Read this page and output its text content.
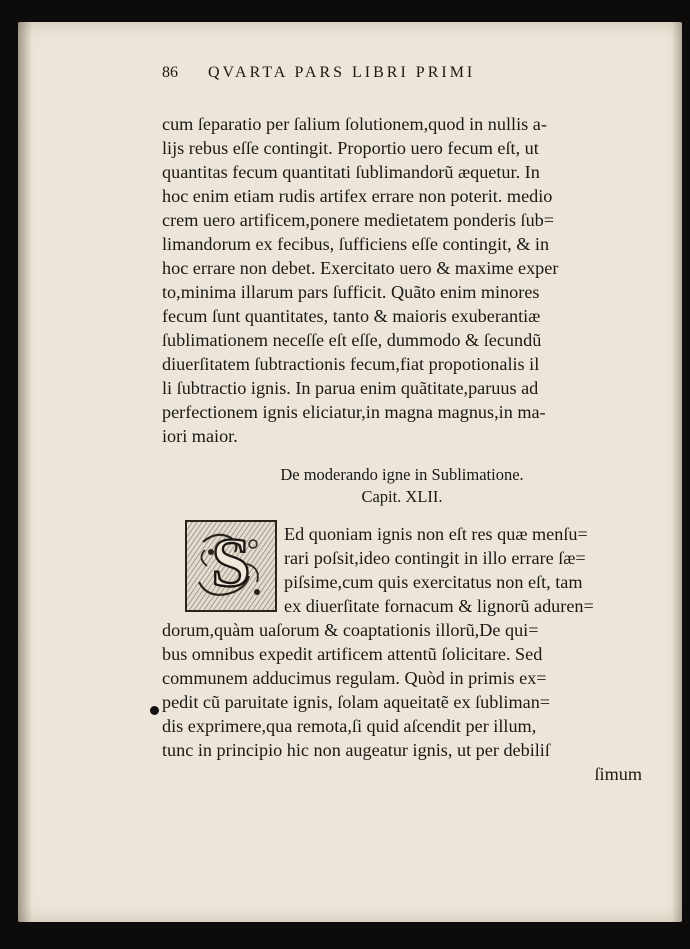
86 QVARTA PARS LIBRI PRIMI
cum ſeparatio per ſalium ſolutionem,quod in nullis a-
lijs rebus eſſe contingit. Proportio uero fecum eſt, ut
quantitas fecum quantitati ſublimandorũ æquetur. In
hoc enim etiam rudis artifex errare non poterit. medio
crem uero artificem,ponere medietatem ponderis ſub=
limandorum ex fecibus, ſufficiens eſſe contingit, & in
hoc errare non debet. Exercitato uero & maxime exper
to,minima illarum pars ſufficit. Quãto enim minores
fecum ſunt quantitates, tanto & maioris exuberantiæ
ſublimationem neceſſe eſt eſſe, dummodo & ſecundũ
diuerſitatem ſubtractionis fecum,fiat propotionalis il
li ſubtractio ignis. In parua enim quãtitate,paruus ad
perfectionem ignis eliciatur,in magna magnus,in ma-
iori maior.
De moderando igne in Sublimatione.
Capit. XLII.
Ed quoniam ignis non eſt res quæ menſu=
rari poſsit,ideo contingit in illo errare ſæ=
piſsime,cum quis exercitatus non eſt, tam
ex diuerſitate fornacum & lignorũ aduren=
dorum,quàm uaſorum & coaptationis illorũ,De qui=
bus omnibus expedit artificem attentũ ſolicitare. Sed
communem adducimus regulam. Quòd in primis ex=
pedit cũ paruitate ignis, ſolam aqueitatẽ ex ſubliman=
dis exprimere,qua remota,ſi quid aſcendit per illum,
tunc in principio hic non augeatur ignis, ut per debiliſ
ſimum
S
